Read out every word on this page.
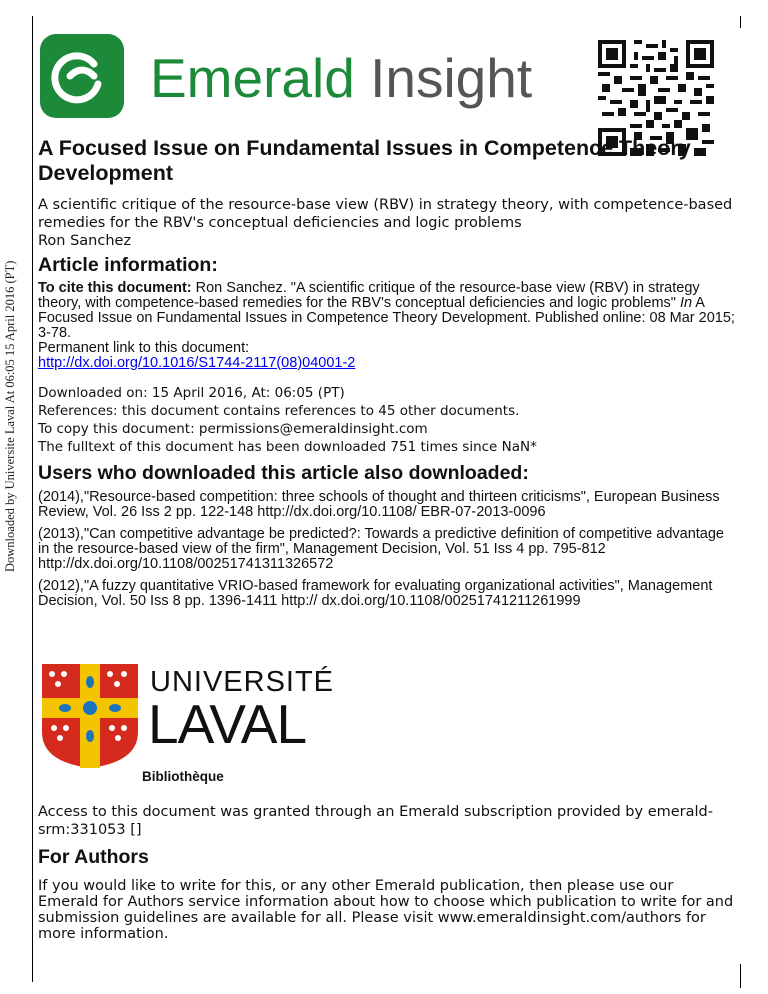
Downloaded by Universite Laval At 06:05 15 April 2016 (PT)
Emerald Insight
A Focused Issue on Fundamental Issues in Competence Theory Development

A scientific critique of the resource-base view (RBV) in strategy theory, with competence-based remedies for the RBV's conceptual deficiencies and logic problems

Ron Sanchez
Article information:
To cite this document: Ron Sanchez. "A scientific critique of the resource-base view (RBV) in strategy theory, with competence-based remedies for the RBV's conceptual deficiencies and logic problems" In A Focused Issue on Fundamental Issues in Competence Theory Development. Published online: 08 Mar 2015; 3-78.
Permanent link to this document:
http://dx.doi.org/10.1016/S1744-2117(08)04001-2
Downloaded on: 15 April 2016, At: 06:05 (PT)
References: this document contains references to 45 other documents.
To copy this document: permissions@emeraldinsight.com
The fulltext of this document has been downloaded 751 times since NaN*
Users who downloaded this article also downloaded:
(2014),"Resource-based competition: three schools of thought and thirteen criticisms", European Business Review, Vol. 26 Iss 2 pp. 122-148 http://dx.doi.org/10.1108/ EBR-07-2013-0096
(2013),"Can competitive advantage be predicted?: Towards a predictive definition of competitive advantage in the resource-based view of the firm", Management Decision, Vol. 51 Iss 4 pp. 795-812 http://dx.doi.org/10.1108/00251741311326572
(2012),"A fuzzy quantitative VRIO-based framework for evaluating organizational activities", Management Decision, Vol. 50 Iss 8 pp. 1396-1411 http:// dx.doi.org/10.1108/00251741211261999
UNIVERSITÉ
LAVAL
Bibliothèque
Access to this document was granted through an Emerald subscription provided by emerald-srm:331053 []
For Authors
If you would like to write for this, or any other Emerald publication, then please use our Emerald for Authors service information about how to choose which publication to write for and submission guidelines are available for all. Please visit www.emeraldinsight.com/authors for more information.
